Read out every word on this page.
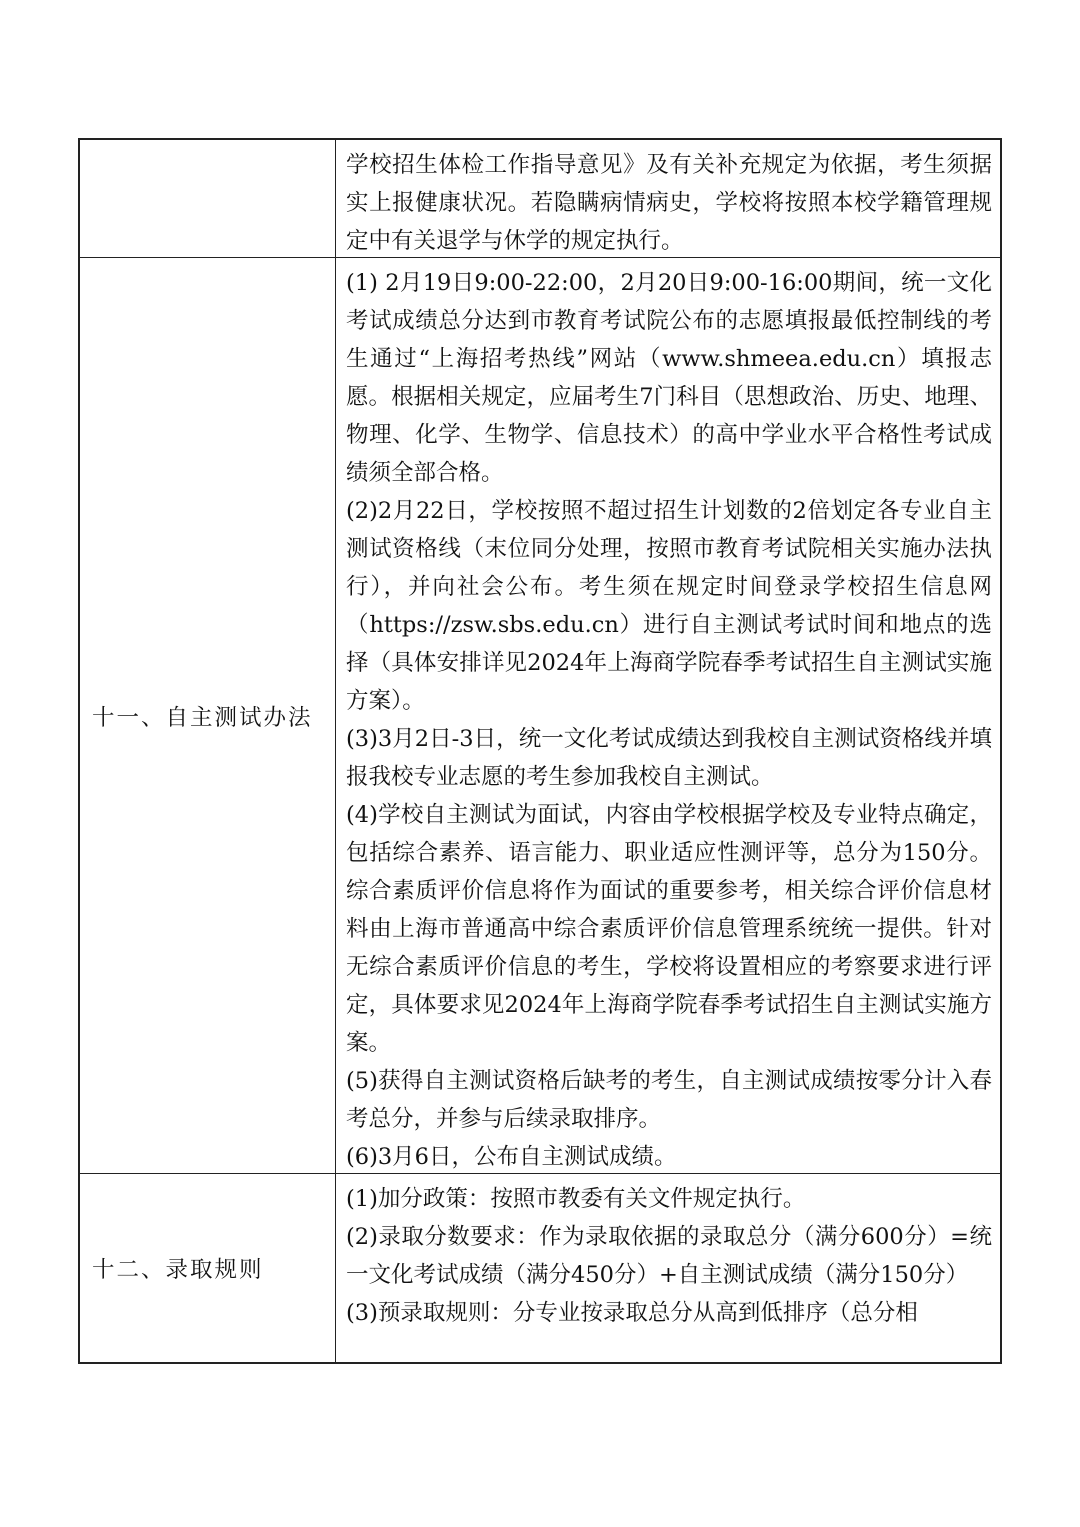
学校招生体检工作指导意见》及有关补充规定为依据，考生须据实上报健康状况。若隐瞒病情病史，学校将按照本校学籍管理规定中有关退学与休学的规定执行。

十一、自主测试办法

(1) 2月19日9:00-22:00，2月20日9:00-16:00期间，统一文化考试成绩总分达到市教育考试院公布的志愿填报最低控制线的考生通过“上海招考热线”网站（www.shmeea.edu.cn）填报志愿。根据相关规定，应届考生7门科目（思想政治、历史、地理、物理、化学、生物学、信息技术）的高中学业水平合格性考试成绩须全部合格。

(2)2月22日，学校按照不超过招生计划数的2倍划定各专业自主测试资格线（末位同分处理，按照市教育考试院相关实施办法执行），并向社会公布。考生须在规定时间登录学校招生信息网（https://zsw.sbs.edu.cn）进行自主测试考试时间和地点的选择（具体安排详见2024年上海商学院春季考试招生自主测试实施方案）。

(3)3月2日-3日，统一文化考试成绩达到我校自主测试资格线并填报我校专业志愿的考生参加我校自主测试。

(4)学校自主测试为面试，内容由学校根据学校及专业特点确定，包括综合素养、语言能力、职业适应性测评等，总分为150分。综合素质评价信息将作为面试的重要参考，相关综合评价信息材料由上海市普通高中综合素质评价信息管理系统统一提供。针对无综合素质评价信息的考生，学校将设置相应的考察要求进行评定，具体要求见2024年上海商学院春季考试招生自主测试实施方案。

(5)获得自主测试资格后缺考的考生，自主测试成绩按零分计入春考总分，并参与后续录取排序。

(6)3月6日，公布自主测试成绩。

十二、录取规则

(1)加分政策：按照市教委有关文件规定执行。

(2)录取分数要求：作为录取依据的录取总分（满分600分）=统一文化考试成绩（满分450分）+自主测试成绩（满分150分）

(3)预录取规则：分专业按录取总分从高到低排序（总分相
